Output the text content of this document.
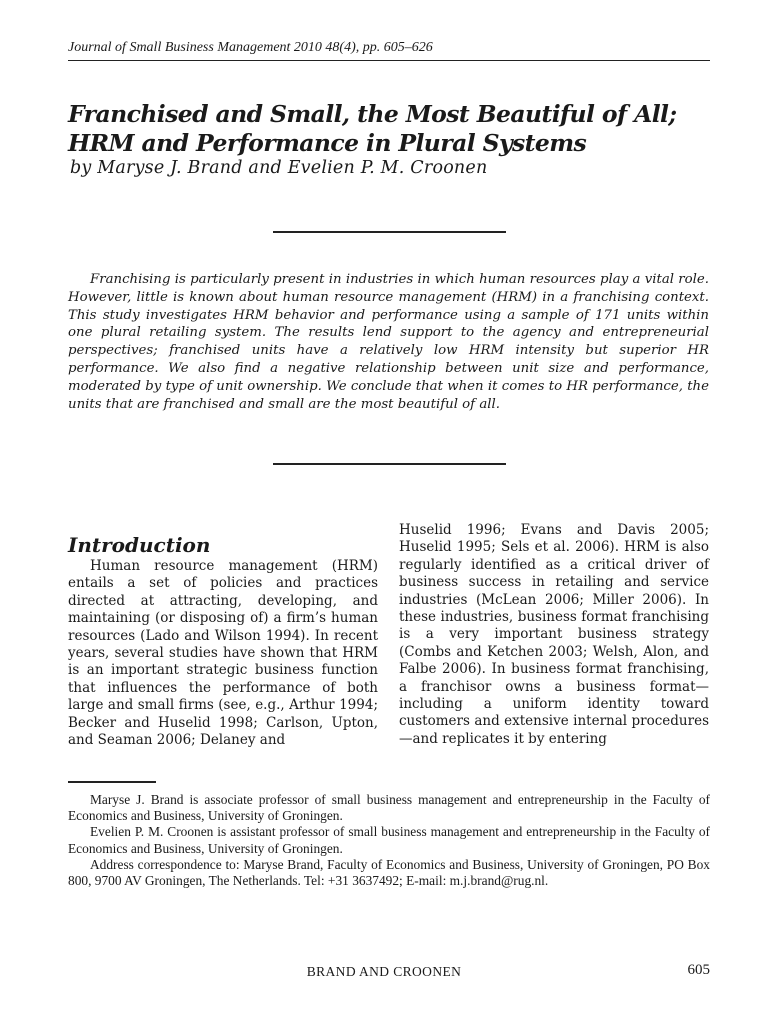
Journal of Small Business Management 2010 48(4), pp. 605–626
Franchised and Small, the Most Beautiful of All; HRM and Performance in Plural Systems
by Maryse J. Brand and Evelien P. M. Croonen

Franchising is particularly present in industries in which human resources play a vital role. However, little is known about human resource management (HRM) in a franchising context. This study investigates HRM behavior and performance using a sample of 171 units within one plural retailing system. The results lend support to the agency and entrepreneurial perspectives; franchised units have a relatively low HRM intensity but superior HR performance. We also find a negative relationship between unit size and performance, moderated by type of unit ownership. We conclude that when it comes to HR performance, the units that are franchised and small are the most beautiful of all.

Introduction

Human resource management (HRM) entails a set of policies and practices directed at attracting, developing, and maintaining (or disposing of) a firm’s human resources (Lado and Wilson 1994). In recent years, several studies have shown that HRM is an important strategic business function that influences the performance of both large and small firms (see, e.g., Arthur 1994; Becker and Huselid 1998; Carlson, Upton, and Seaman 2006; Delaney and

Huselid 1996; Evans and Davis 2005; Huselid 1995; Sels et al. 2006). HRM is also regularly identified as a critical driver of business success in retailing and service industries (McLean 2006; Miller 2006). In these industries, business format franchising is a very important business strategy (Combs and Ketchen 2003; Welsh, Alon, and Falbe 2006). In business format franchising, a franchisor owns a business format—including a uniform identity toward customers and extensive internal procedures—and replicates it by entering

Maryse J. Brand is associate professor of small business management and entrepreneurship in the Faculty of Economics and Business, University of Groningen.

Evelien P. M. Croonen is assistant professor of small business management and entrepreneurship in the Faculty of Economics and Business, University of Groningen.

Address correspondence to: Maryse Brand, Faculty of Economics and Business, University of Groningen, PO Box 800, 9700 AV Groningen, The Netherlands. Tel: +31 3637492; E-mail: m.j.brand@rug.nl.

BRAND AND CROONEN	605
